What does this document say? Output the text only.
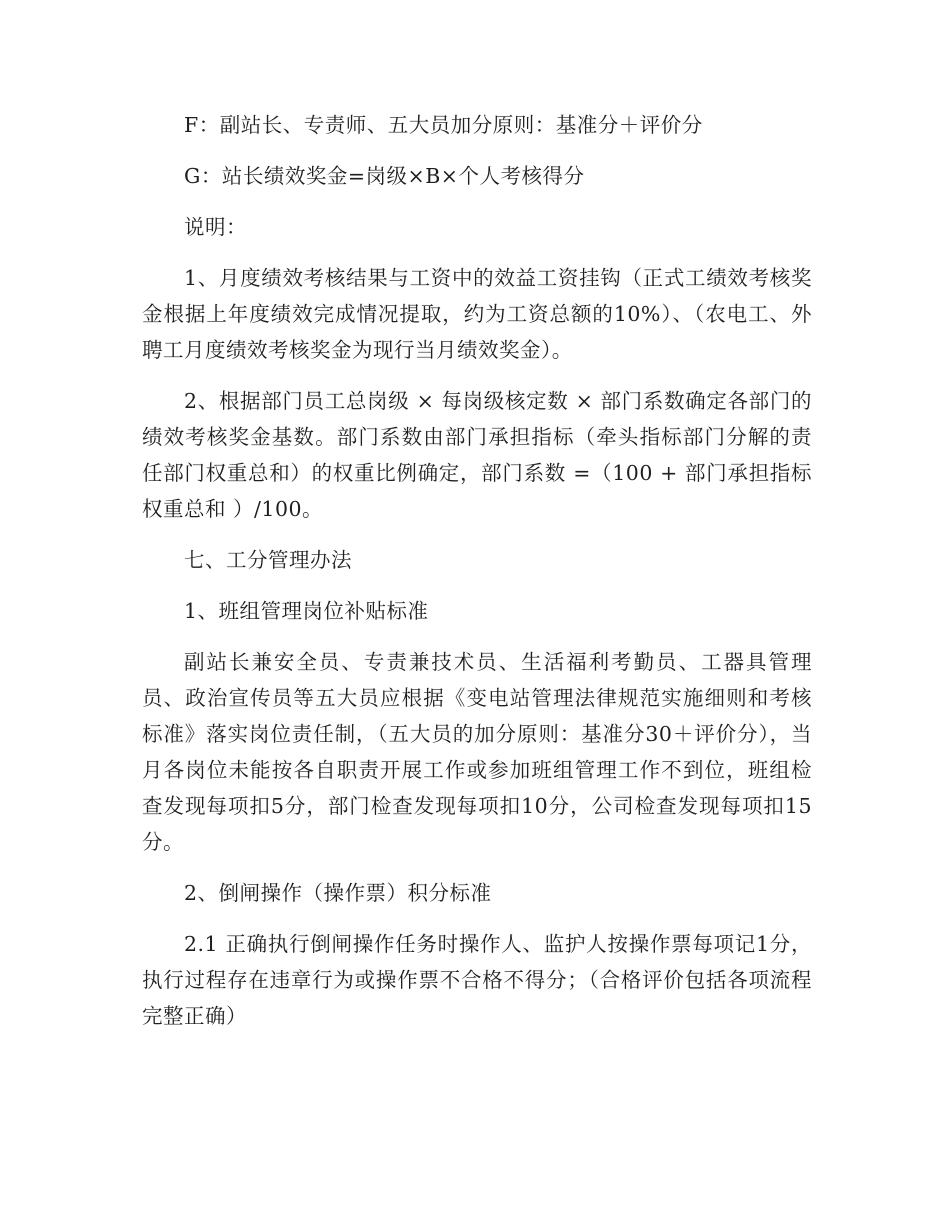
F：副站长、专责师、五大员加分原则：基准分＋评价分

G：站长绩效奖金=岗级×B×个人考核得分

说明：

1、月度绩效考核结果与工资中的效益工资挂钩（正式工绩效考核奖金根据上年度绩效完成情况提取，约为工资总额的10%）、（农电工、外聘工月度绩效考核奖金为现行当月绩效奖金）。

2、根据部门员工总岗级 × 每岗级核定数 × 部门系数确定各部门的绩效考核奖金基数。部门系数由部门承担指标（牵头指标部门分解的责任部门权重总和）的权重比例确定，部门系数 =（100 + 部门承担指标权重总和 ）/100。

七、工分管理办法

1、班组管理岗位补贴标准

副站长兼安全员、专责兼技术员、生活福利考勤员、工器具管理员、政治宣传员等五大员应根据《变电站管理法律规范实施细则和考核标准》落实岗位责任制，（五大员的加分原则：基准分30＋评价分），当月各岗位未能按各自职责开展工作或参加班组管理工作不到位，班组检查发现每项扣5分，部门检查发现每项扣10分，公司检查发现每项扣15分。

2、倒闸操作（操作票）积分标准

2.1 正确执行倒闸操作任务时操作人、监护人按操作票每项记1分，执行过程存在违章行为或操作票不合格不得分；（合格评价包括各项流程完整正确）
